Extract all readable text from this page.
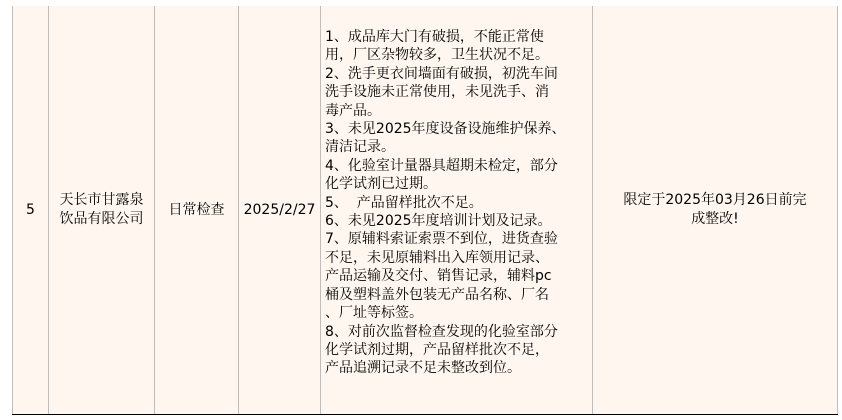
5
天长市甘露泉饮品有限公司
日常检查 2025/2/27
1、成品库大门有破损，不能正常使
用，厂区杂物较多，卫生状况不足。
2、洗手更衣间墙面有破损，初洗车间
洗手设施未正常使用，未见洗手、消
毒产品。
3、未见2025年度设备设施维护保养、
清洁记录。
4、化验室计量器具超期未检定，部分
化学试剂已过期。
5、  产品留样批次不足。
6、未见2025年度培训计划及记录。
7、原辅料索证索票不到位，进货查验
不足，未见原辅料出入库领用记录、
产品运输及交付、销售记录，辅料pc
桶及塑料盖外包装无产品名称、厂名
、厂址等标签。
8、对前次监督检查发现的化验室部分
化学试剂过期，产品留样批次不足，
产品追溯记录不足未整改到位。
限定于2025年03月26日前完成整改!
